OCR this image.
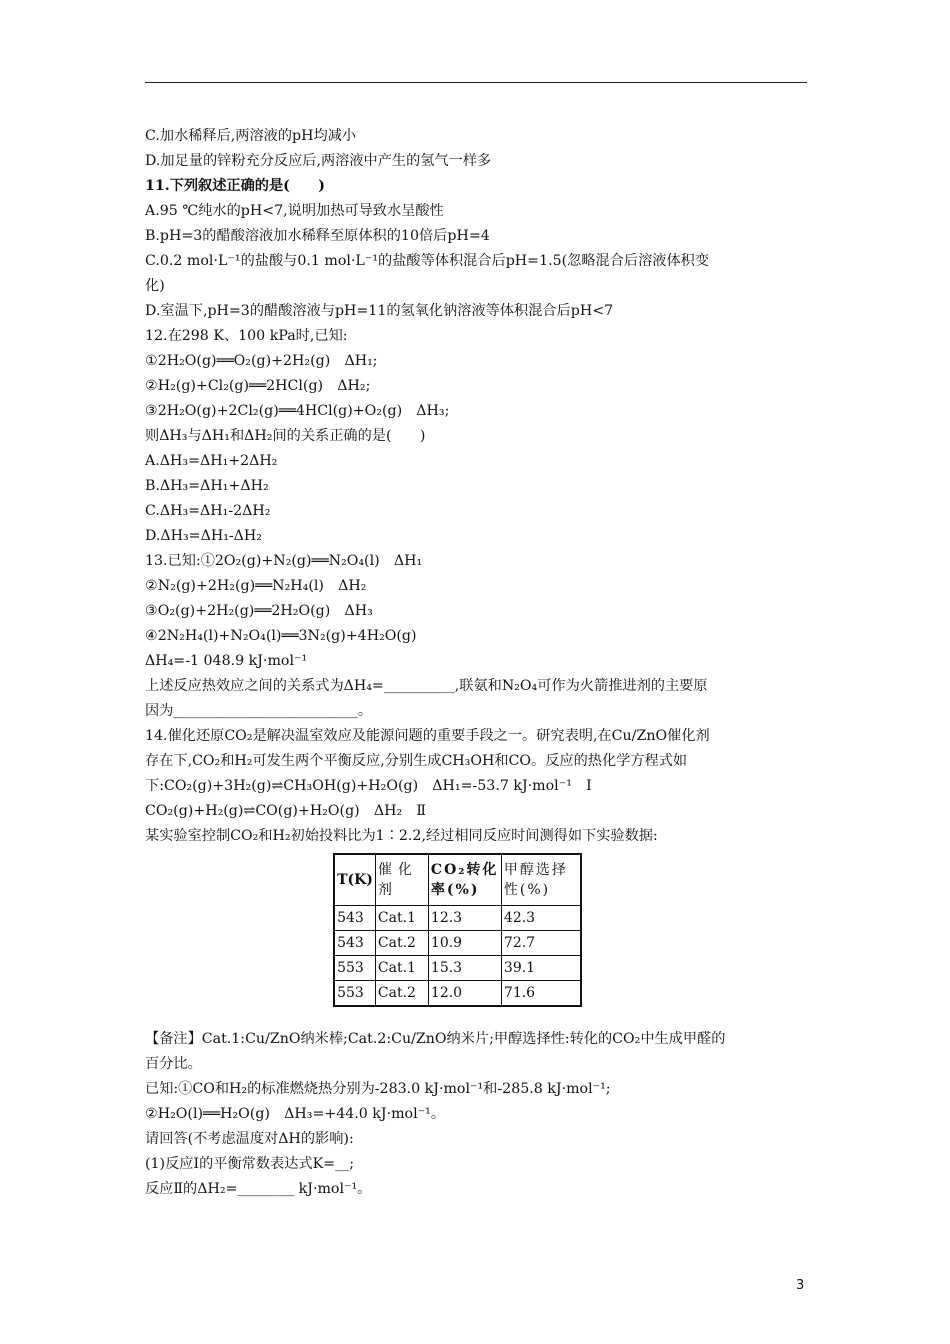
C.加水稀释后,两溶液的pH均减小
D.加足量的锌粉充分反应后,两溶液中产生的氢气一样多
11.下列叙述正确的是(　　)
A.95 ℃纯水的pH<7,说明加热可导致水呈酸性
B.pH=3的醋酸溶液加水稀释至原体积的10倍后pH=4
C.0.2 mol·L⁻¹的盐酸与0.1 mol·L⁻¹的盐酸等体积混合后pH=1.5(忽略混合后溶液体积变
化)
D.室温下,pH=3的醋酸溶液与pH=11的氢氧化钠溶液等体积混合后pH<7
12.在298 K、100 kPa时,已知:
①2H₂O(g)══O₂(g)+2H₂(g)　ΔH₁;
②H₂(g)+Cl₂(g)══2HCl(g)　ΔH₂;
③2H₂O(g)+2Cl₂(g)══4HCl(g)+O₂(g)　ΔH₃;
则ΔH₃与ΔH₁和ΔH₂间的关系正确的是(　　)
A.ΔH₃=ΔH₁+2ΔH₂
B.ΔH₃=ΔH₁+ΔH₂
C.ΔH₃=ΔH₁-2ΔH₂
D.ΔH₃=ΔH₁-ΔH₂
13.已知:①2O₂(g)+N₂(g)══N₂O₄(l)　ΔH₁
②N₂(g)+2H₂(g)══N₂H₄(l)　ΔH₂
③O₂(g)+2H₂(g)══2H₂O(g)　ΔH₃
④2N₂H₄(l)+N₂O₄(l)══3N₂(g)+4H₂O(g)
ΔH₄=-1 048.9 kJ·mol⁻¹
上述反应热效应之间的关系式为ΔH₄=__________,联氨和N₂O₄可作为火箭推进剂的主要原
因为__________________________。
14.催化还原CO₂是解决温室效应及能源问题的重要手段之一。研究表明,在Cu/ZnO催化剂
存在下,CO₂和H₂可发生两个平衡反应,分别生成CH₃OH和CO。反应的热化学方程式如
下:CO₂(g)+3H₂(g)⇌CH₃OH(g)+H₂O(g)　ΔH₁=-53.7 kJ·mol⁻¹　Ⅰ
CO₂(g)+H₂(g)⇌CO(g)+H₂O(g)　ΔH₂　Ⅱ
某实验室控制CO₂和H₂初始投料比为1∶2.2,经过相同反应时间测得如下实验数据:
T(K)	催化剂	CO₂转化率(%)	甲醇选择性(%)
543	Cat.1	12.3	42.3
543	Cat.2	10.9	72.7
553	Cat.1	15.3	39.1
553	Cat.2	12.0	71.6
【备注】Cat.1:Cu/ZnO纳米棒;Cat.2:Cu/ZnO纳米片;甲醇选择性:转化的CO₂中生成甲醛的
百分比。
已知:①CO和H₂的标准燃烧热分别为-283.0 kJ·mol⁻¹和-285.8 kJ·mol⁻¹;
②H₂O(l)══H₂O(g)　ΔH₃=+44.0 kJ·mol⁻¹。
请回答(不考虑温度对ΔH的影响):
(1)反应Ⅰ的平衡常数表达式K=__;
反应Ⅱ的ΔH₂=________ kJ·mol⁻¹。
3
